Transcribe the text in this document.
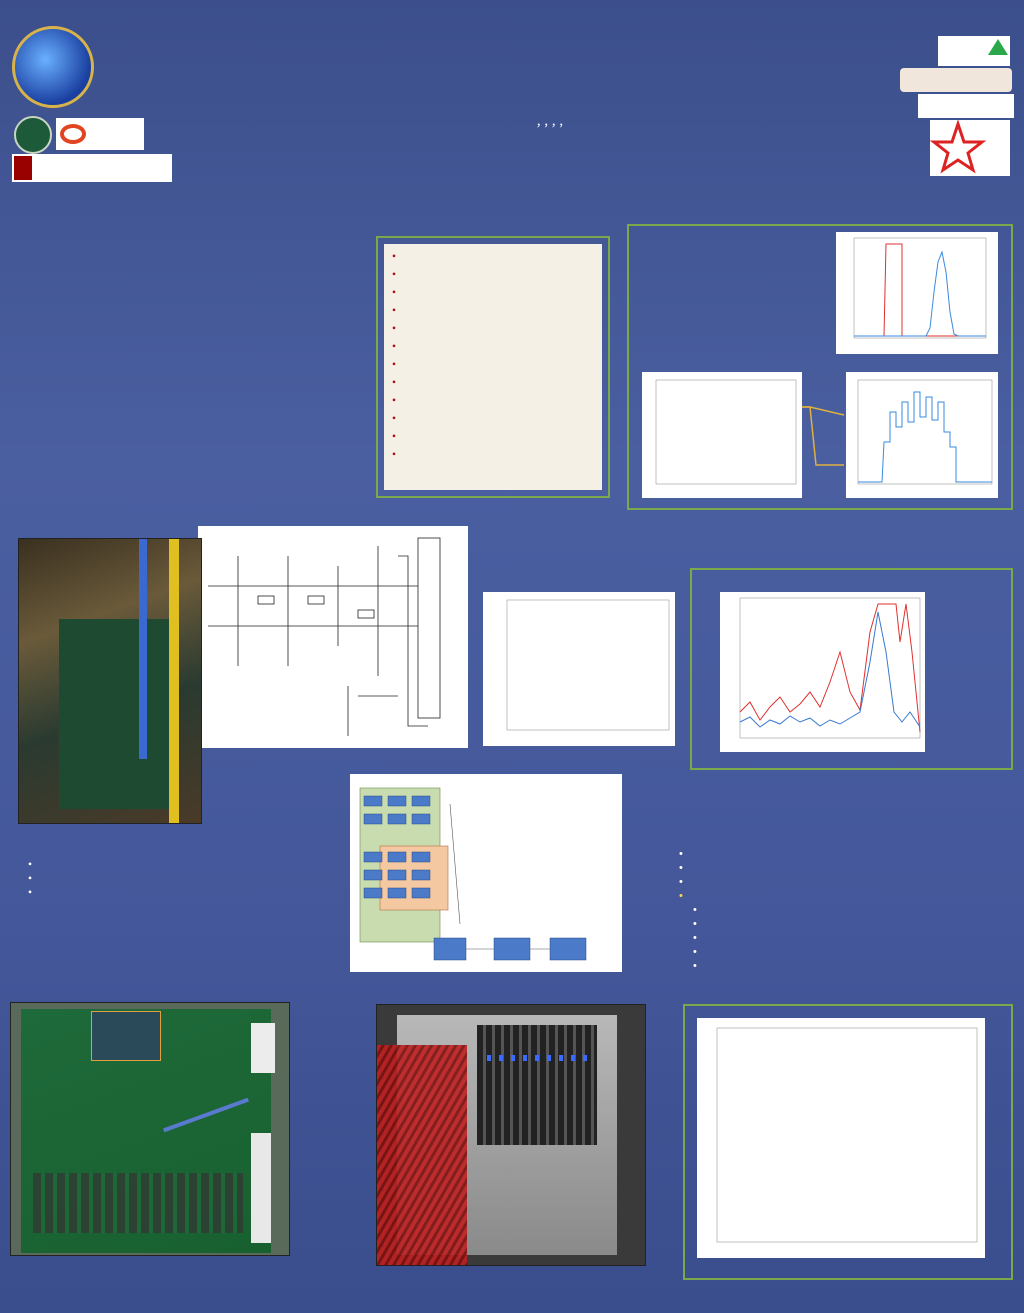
, , , ,
•
•
•
•
•
•
•
•
•
•
•
•
•
•
•
•
•
•
•
•
•
•
•
•
